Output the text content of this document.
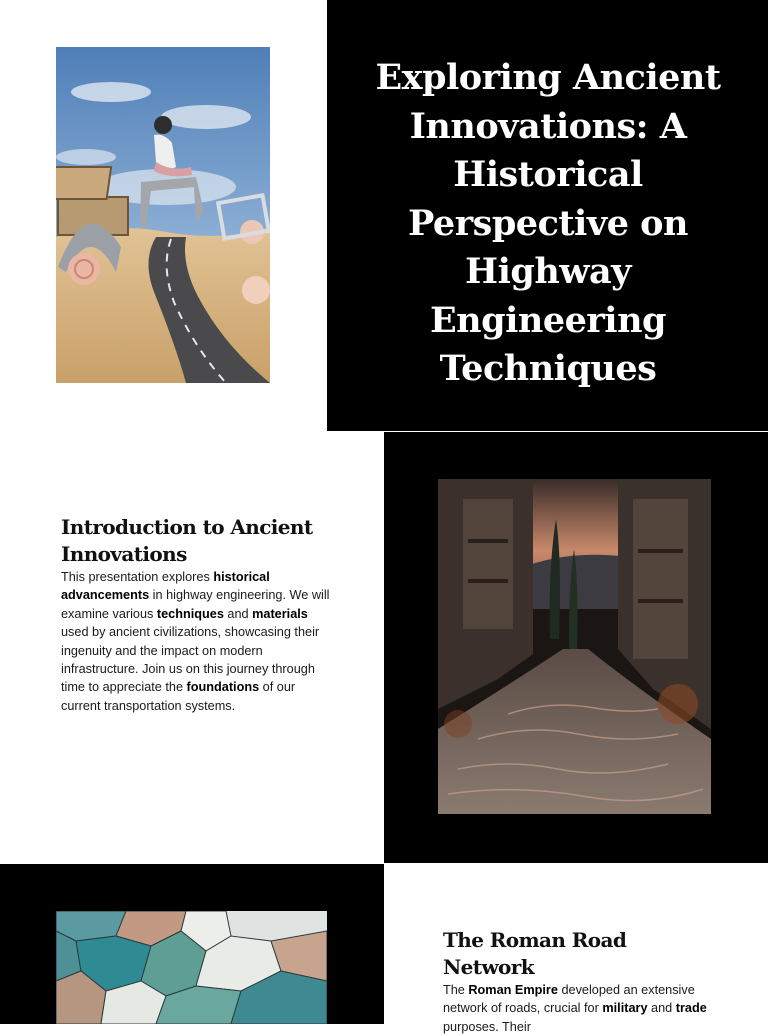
Exploring Ancient Innovations: A Historical Perspective on Highway Engineering Techniques
Introduction to Ancient Innovations

This presentation explores historical advancements in highway engineering. We will examine various techniques and materials used by ancient civilizations, showcasing their ingenuity and the impact on modern infrastructure. Join us on this journey through time to appreciate the foundations of our current transportation systems.

The Roman Road Network

The Roman Empire developed an extensive network of roads, crucial for military and trade purposes. Their
